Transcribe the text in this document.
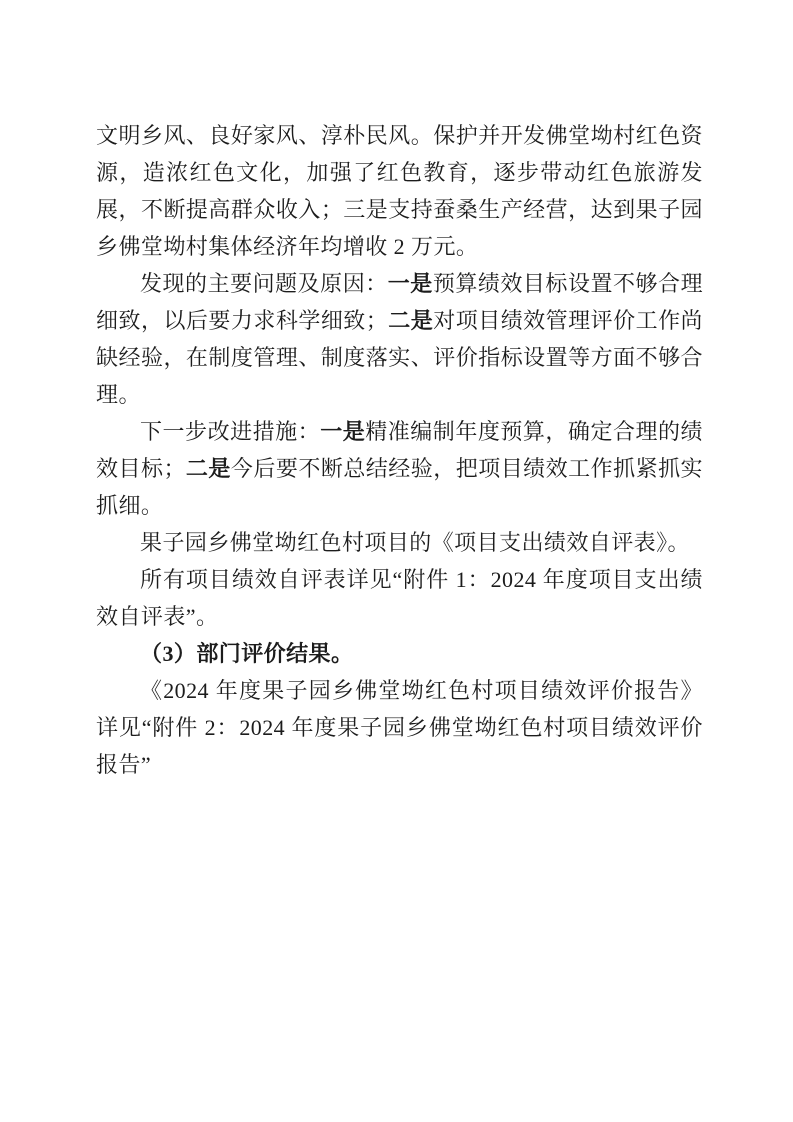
文明乡风、良好家风、淳朴民风。保护并开发佛堂坳村红色资源，造浓红色文化，加强了红色教育，逐步带动红色旅游发展，不断提高群众收入；三是支持蚕桑生产经营，达到果子园乡佛堂坳村集体经济年均增收 2 万元。

发现的主要问题及原因：一是预算绩效目标设置不够合理细致，以后要力求科学细致；二是对项目绩效管理评价工作尚缺经验，在制度管理、制度落实、评价指标设置等方面不够合理。

下一步改进措施：一是精准编制年度预算，确定合理的绩效目标；二是今后要不断总结经验，把项目绩效工作抓紧抓实抓细。

果子园乡佛堂坳红色村项目的《项目支出绩效自评表》。

所有项目绩效自评表详见“附件 1：2024 年度项目支出绩效自评表”。

（3）部门评价结果。

《2024 年度果子园乡佛堂坳红色村项目绩效评价报告》详见“附件 2：2024 年度果子园乡佛堂坳红色村项目绩效评价报告”
